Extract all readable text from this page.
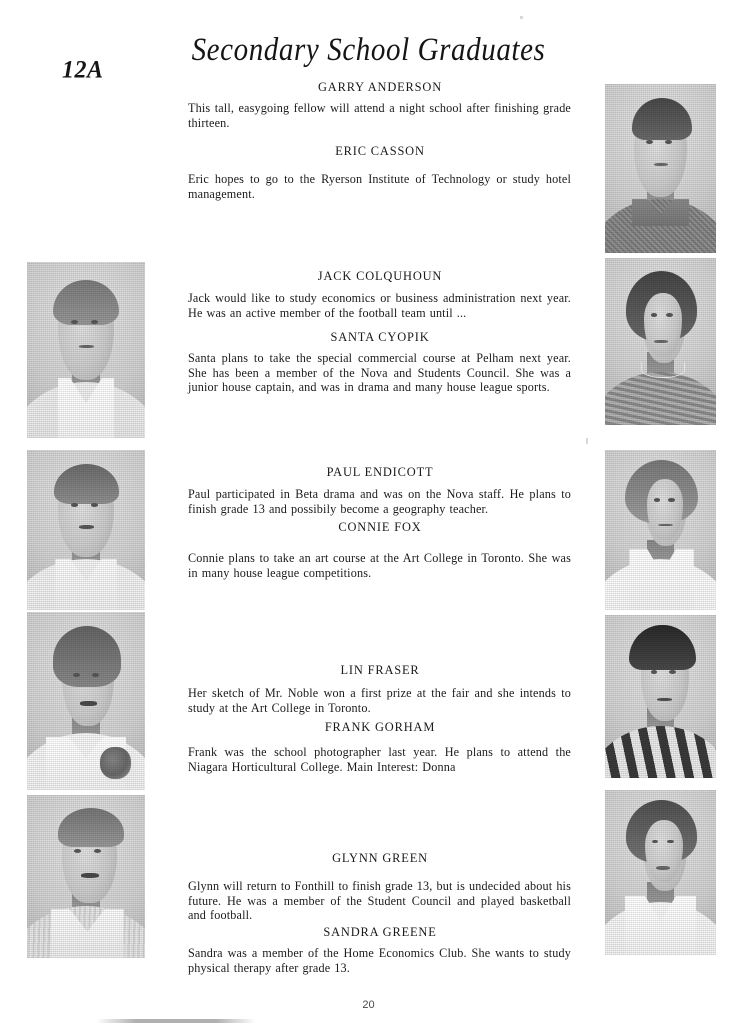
Secondary School Graduates
12A
GARRY ANDERSON

This tall, easygoing fellow will attend a night school after finishing grade thirteen.

ERIC CASSON

Eric hopes to go to the Ryerson Institute of Technology or study hotel management.

JACK COLQUHOUN

Jack would like to study economics or business administration next year. He was an active member of the football team until ...

SANTA CYOPIK

Santa plans to take the special commercial course at Pelham next year. She has been a member of the Nova and Students Council. She was a junior house captain, and was in drama and many house league sports.

PAUL ENDICOTT

Paul participated in Beta drama and was on the Nova staff. He plans to finish grade 13 and possibily become a geography teacher.

CONNIE FOX

Connie plans to take an art course at the Art College in Toronto. She was in many house league competitions.

LIN FRASER

Her sketch of Mr. Noble won a first prize at the fair and she intends to study at the Art College in Toronto.

FRANK GORHAM

Frank was the school photographer last year. He plans to attend the Niagara Horticultural College. Main Interest: Donna

GLYNN GREEN

Glynn will return to Fonthill to finish grade 13, but is undecided about his future. He was a member of the Student Council and played basketball and football.

SANDRA GREENE

Sandra was a member of the Home Economics Club. She wants to study physical therapy after grade 13.

20
